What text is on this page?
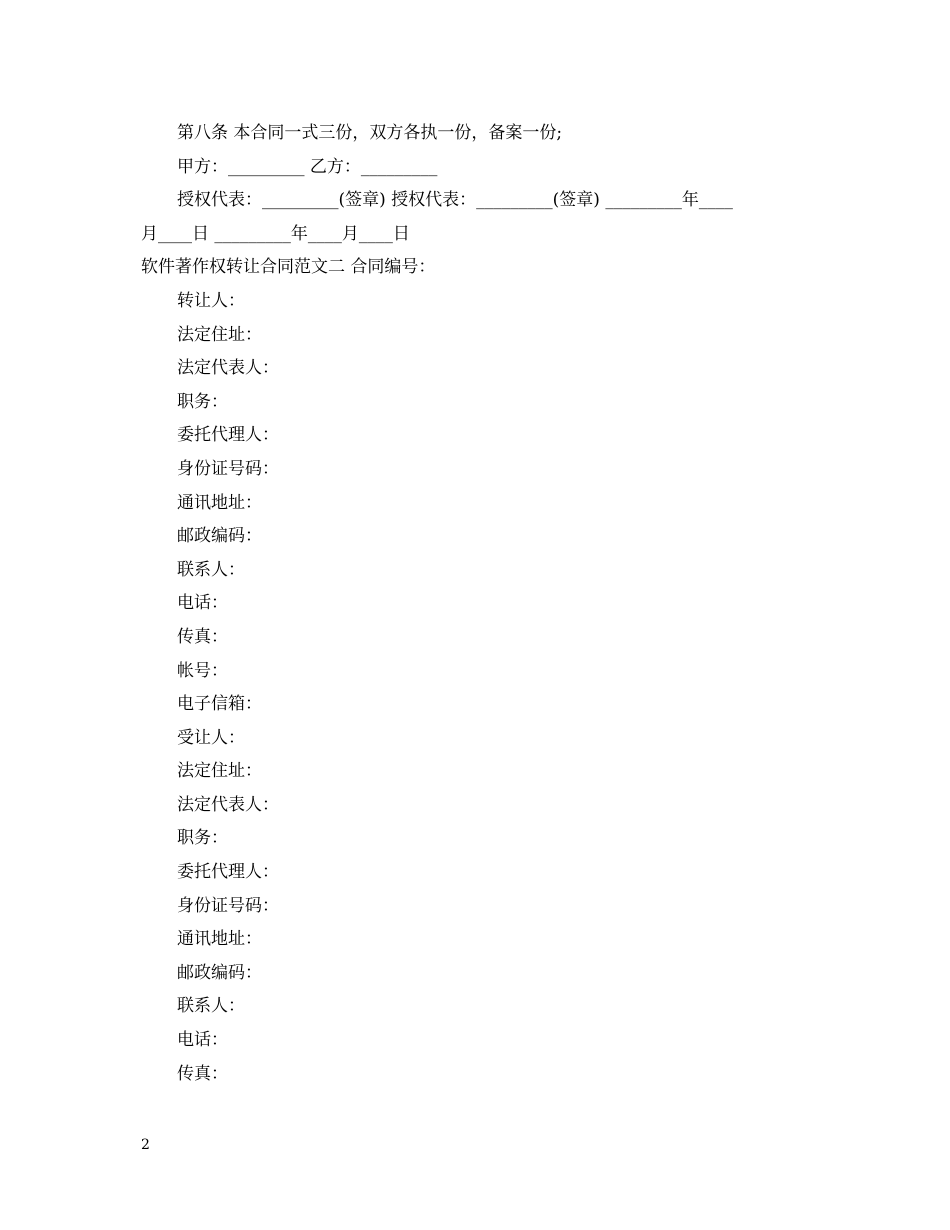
第八条 本合同一式三份，双方各执一份，备案一份;
甲方：_________ 乙方：_________
授权代表：_________(签章) 授权代表：_________(签章) _________年____
月____日 _________年____月____日
软件著作权转让合同范文二 合同编号：
转让人：
法定住址：
法定代表人：
职务：
委托代理人：
身份证号码：
通讯地址：
邮政编码：
联系人：
电话：
传真：
帐号：
电子信箱：
受让人：
法定住址：
法定代表人：
职务：
委托代理人：
身份证号码：
通讯地址：
邮政编码：
联系人：
电话：
传真：
2
